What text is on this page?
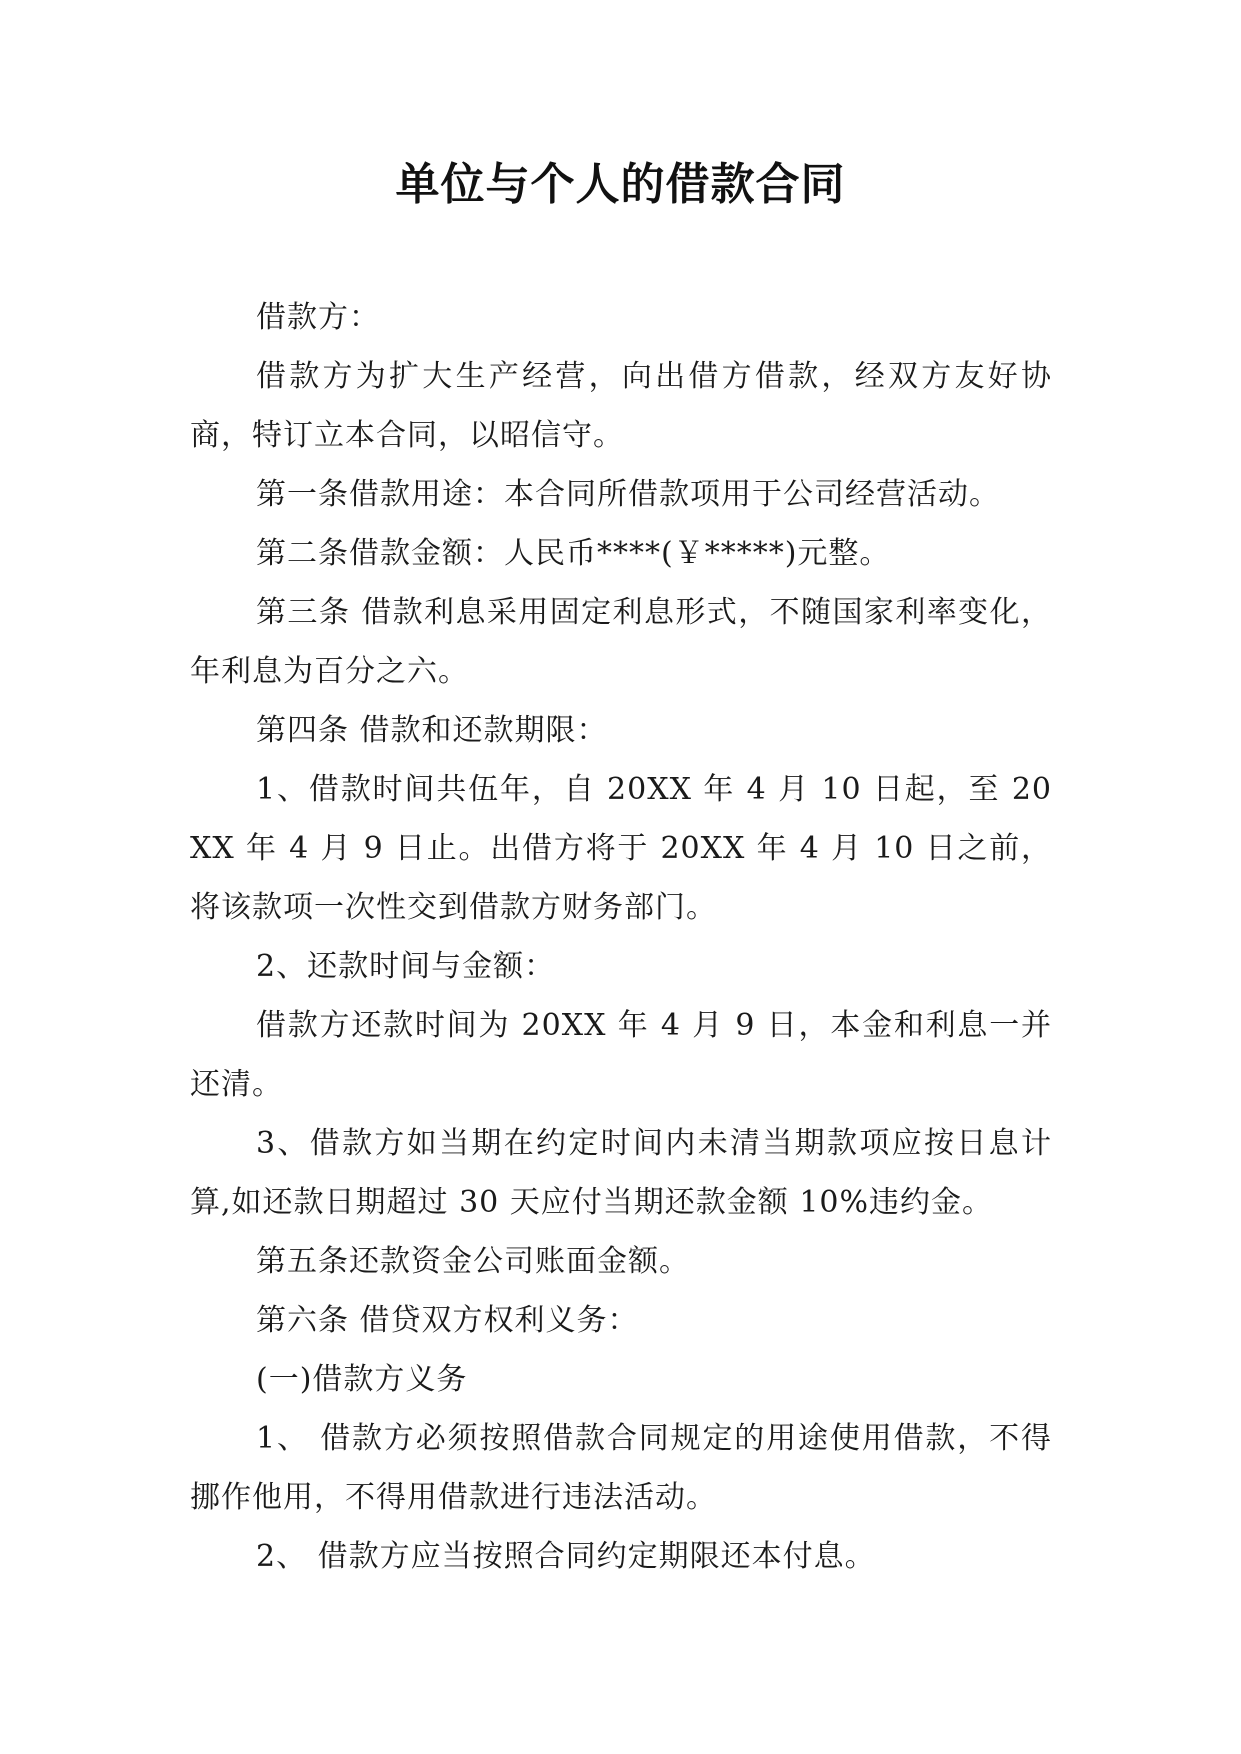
单位与个人的借款合同

借款方：

借款方为扩大生产经营，向出借方借款，经双方友好协商，特订立本合同，以昭信守。

第一条借款用途：本合同所借款项用于公司经营活动。

第二条借款金额：人民币****(￥*****)元整。

第三条 借款利息采用固定利息形式，不随国家利率变化，年利息为百分之六。

第四条 借款和还款期限：

1、借款时间共伍年，自 20XX 年 4 月 10 日起，至 20XX 年 4 月 9 日止。出借方将于 20XX 年 4 月 10 日之前，将该款项一次性交到借款方财务部门。

2、还款时间与金额：

借款方还款时间为 20XX 年 4 月 9 日，本金和利息一并还清。

3、借款方如当期在约定时间内未清当期款项应按日息计算,如还款日期超过 30 天应付当期还款金额 10%违约金。

第五条还款资金公司账面金额。

第六条 借贷双方权利义务：

(一)借款方义务

1、 借款方必须按照借款合同规定的用途使用借款，不得挪作他用，不得用借款进行违法活动。

2、 借款方应当按照合同约定期限还本付息。
